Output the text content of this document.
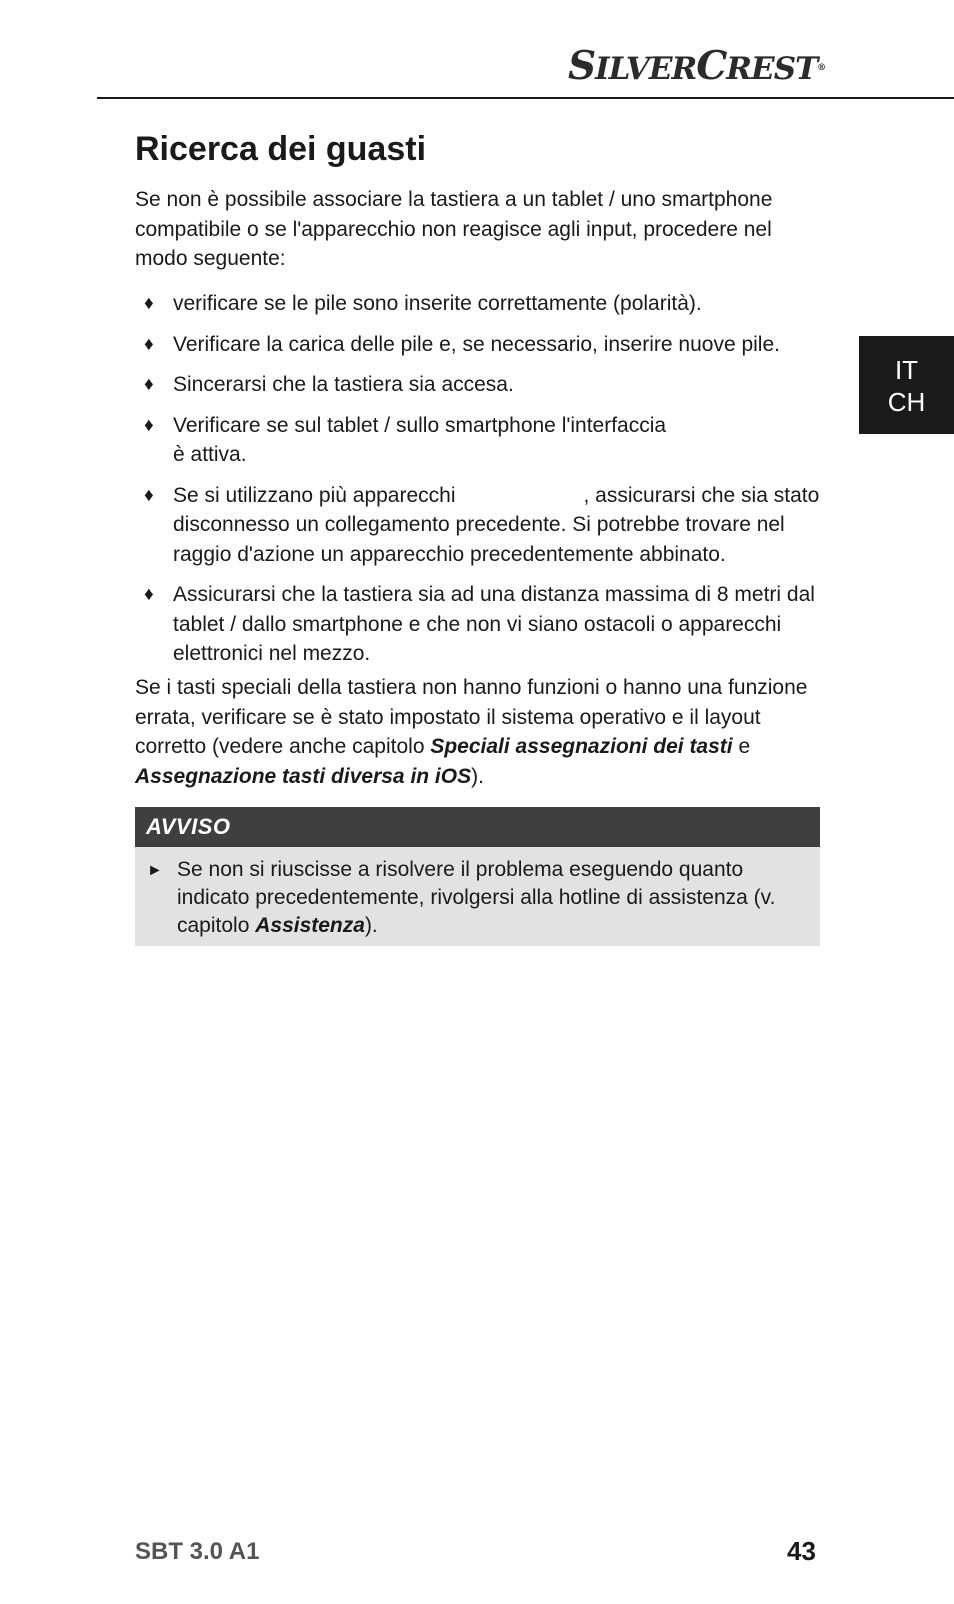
SILVERCREST®
IT
CH
Ricerca dei guasti
Se non è possibile associare la tastiera a un tablet / uno smartphone compatibile o se l'apparecchio non reagisce agli input, procedere nel modo seguente:
♦ verificare se le pile sono inserite correttamente (polarità).
♦ Verificare la carica delle pile e, se necessario, inserire nuove pile.
♦ Sincerarsi che la tastiera sia accesa.
♦ Verificare se sul tablet / sullo smartphone l'interfaccia
è attiva.
♦ Se si utilizzano più apparecchi	, assicurarsi che sia stato disconnesso un collegamento precedente. Si potrebbe trovare nel raggio d'azione un apparecchio precedentemente abbinato.
♦ Assicurarsi che la tastiera sia ad una distanza massima di 8 metri dal tablet / dallo smartphone e che non vi siano ostacoli o apparecchi elettronici nel mezzo.
Se i tasti speciali della tastiera non hanno funzioni o hanno una funzione errata, verificare se è stato impostato il sistema operativo e il layout corretto (vedere anche capitolo Speciali assegnazioni dei tasti e Assegnazione tasti diversa in iOS).
AVVISO
► Se non si riuscisse a risolvere il problema eseguendo quanto indicato precedentemente, rivolgersi alla hotline di assistenza (v. capitolo Assistenza).
SBT 3.0 A1	43
